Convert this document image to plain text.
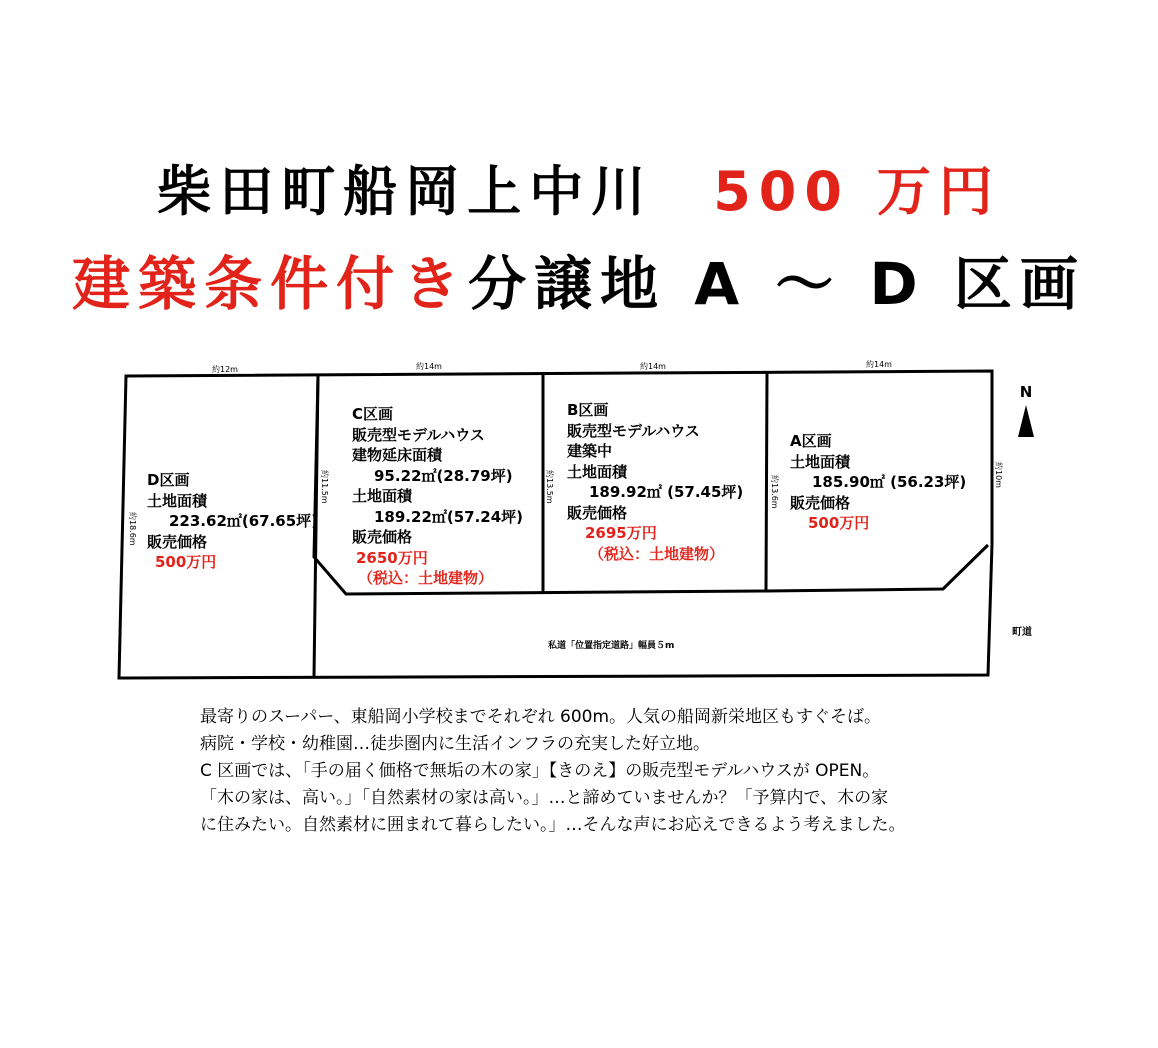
柴田町船岡上中川 500 万円
建築条件付き分譲地 A ～ D 区画
約12m	約14m	約14m	約14m
約18.6m
約11.5m	約13.5m	約13.6m
約10m
D区画
土地面積
223.62㎡(67.65坪)
販売価格
500万円
C区画
販売型モデルハウス
建物延床面積
95.22㎡(28.79坪)
土地面積
189.22㎡(57.24坪)
販売価格
2650万円
（税込：土地建物）
B区画
販売型モデルハウス
建築中
土地面積
189.92㎡ (57.45坪)
販売価格
2695万円
（税込：土地建物）
A区画
土地面積
185.90㎡ (56.23坪)
販売価格
500万円
私道「位置指定道路」幅員５m
町道
N
最寄りのスーパー、東船岡小学校までそれぞれ 600m。人気の船岡新栄地区もすぐそば。
病院・学校・幼稚園…徒歩圏内に生活インフラの充実した好立地。
C 区画では、「手の届く価格で無垢の木の家」【きのえ】の販売型モデルハウスが OPEN。
「木の家は、高い。」「自然素材の家は高い。」…と諦めていませんか？「予算内で、木の家
に住みたい。自然素材に囲まれて暮らしたい。」…そんな声にお応えできるよう考えました。
